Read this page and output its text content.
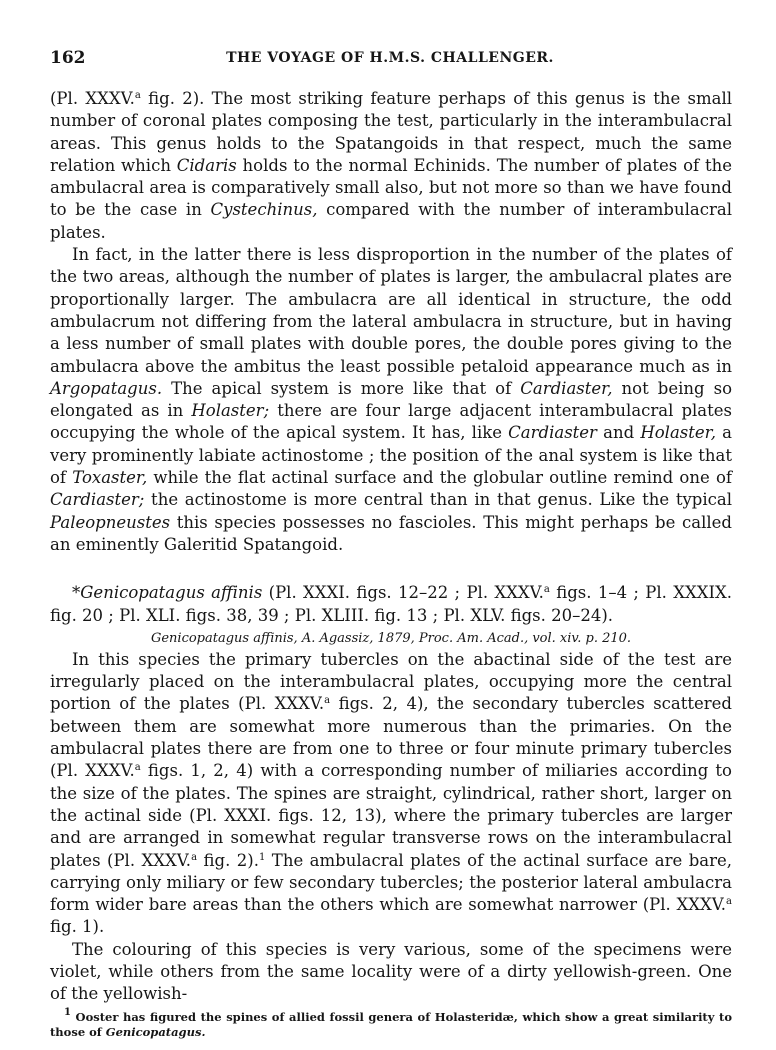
162	THE VOYAGE OF H.M.S. CHALLENGER.

(Pl. XXXV.$^a$ fig. 2). The most striking feature perhaps of this genus is the small number of coronal plates composing the test, particularly in the interambulacral areas. This genus holds to the Spatangoids in that respect, much the same relation which Cidaris holds to the normal Echinids. The number of plates of the ambulacral area is comparatively small also, but not more so than we have found to be the case in Cystechinus, compared with the number of interambulacral plates.

In fact, in the latter there is less disproportion in the number of the plates of the two areas, although the number of plates is larger, the ambulacral plates are proportionally larger. The ambulacra are all identical in structure, the odd ambulacrum not differing from the lateral ambulacra in structure, but in having a less number of small plates with double pores, the double pores giving to the ambulacra above the ambitus the least possible petaloid appearance much as in Argopatagus. The apical system is more like that of Cardiaster, not being so elongated as in Holaster; there are four large adjacent interambulacral plates occupying the whole of the apical system. It has, like Cardiaster and Holaster, a very prominently labiate actinostome ; the position of the anal system is like that of Toxaster, while the flat actinal surface and the globular outline remind one of Cardiaster; the actinostome is more central than in that genus. Like the typical Paleopneustes this species possesses no fascioles. This might perhaps be called an eminently Galeritid Spatangoid.

*Genicopatagus affinis (Pl. XXXI. figs. 12–22 ; Pl. XXXV.$^a$ figs. 1–4 ; Pl. XXXIX. fig. 20 ; Pl. XLI. figs. 38, 39 ; Pl. XLIII. fig. 13 ; Pl. XLV. figs. 20–24).

Genicopatagus affinis, A. Agassiz, 1879, Proc. Am. Acad., vol. xiv. p. 210.

In this species the primary tubercles on the abactinal side of the test are irregularly placed on the interambulacral plates, occupying more the central portion of the plates (Pl. XXXV.$^a$ figs. 2, 4), the secondary tubercles scattered between them are somewhat more numerous than the primaries. On the ambulacral plates there are from one to three or four minute primary tubercles (Pl. XXXV.$^a$ figs. 1, 2, 4) with a corresponding number of miliaries according to the size of the plates. The spines are straight, cylindrical, rather short, larger on the actinal side (Pl. XXXI. figs. 12, 13), where the primary tubercles are larger and are arranged in somewhat regular transverse rows on the interambulacral plates (Pl. XXXV.$^a$ fig. 2).$^1$ The ambulacral plates of the actinal surface are bare, carrying only miliary or few secondary tubercles; the posterior lateral ambulacra form wider bare areas than the others which are somewhat narrower (Pl. XXXV.$^a$ fig. 1).

The colouring of this species is very various, some of the specimens were violet, while others from the same locality were of a dirty yellowish-green. One of the yellowish-

$^1$ Ooster has figured the spines of allied fossil genera of Holasteridæ, which show a great similarity to those of Genicopatagus.
